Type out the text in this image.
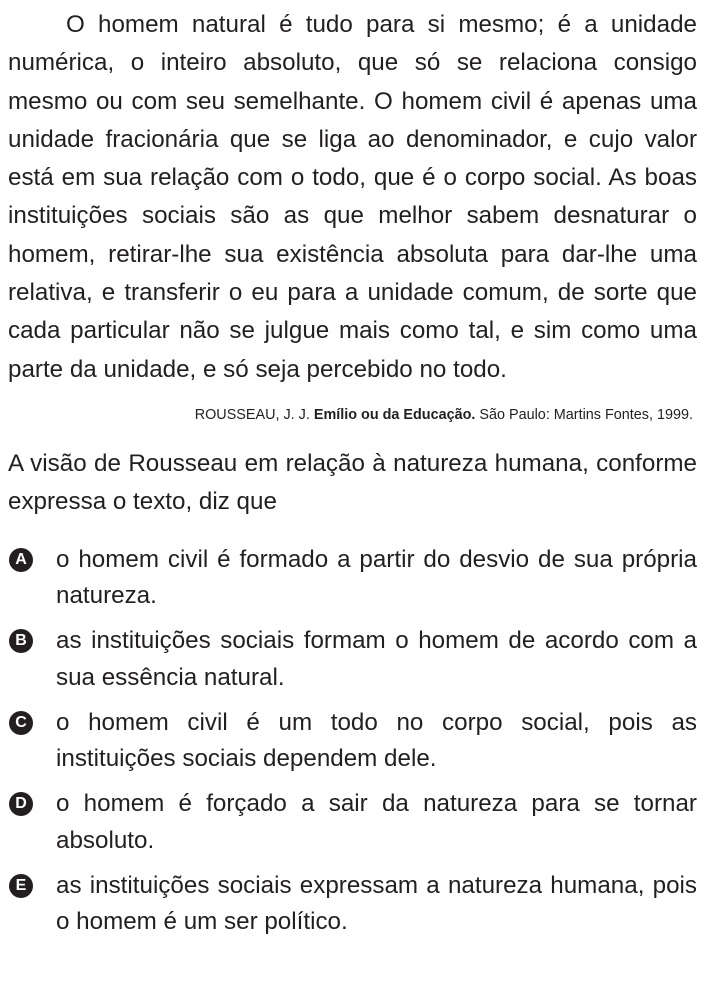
O homem natural é tudo para si mesmo; é a unidade numérica, o inteiro absoluto, que só se relaciona consigo mesmo ou com seu semelhante. O homem civil é apenas uma unidade fracionária que se liga ao denominador, e cujo valor está em sua relação com o todo, que é o corpo social. As boas instituições sociais são as que melhor sabem desnaturar o homem, retirar-lhe sua existência absoluta para dar-lhe uma relativa, e transferir o eu para a unidade comum, de sorte que cada particular não se julgue mais como tal, e sim como uma parte da unidade, e só seja percebido no todo.

ROUSSEAU, J. J. Emílio ou da Educação. São Paulo: Martins Fontes, 1999.

A visão de Rousseau em relação à natureza humana, conforme expressa o texto, diz que

A o homem civil é formado a partir do desvio de sua própria natureza.
B as instituições sociais formam o homem de acordo com a sua essência natural.
C o homem civil é um todo no corpo social, pois as instituições sociais dependem dele.
D o homem é forçado a sair da natureza para se tornar absoluto.
E as instituições sociais expressam a natureza humana, pois o homem é um ser político.
